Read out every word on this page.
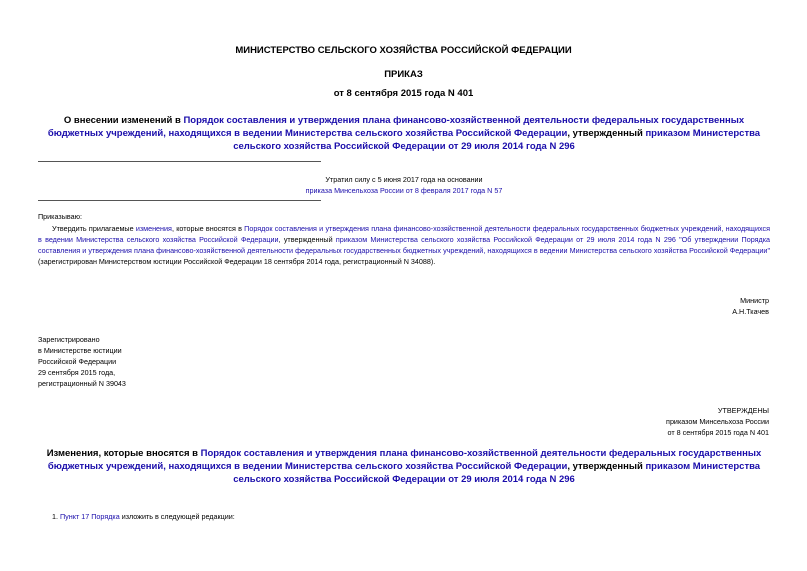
МИНИСТЕРСТВО СЕЛЬСКОГО ХОЗЯЙСТВА РОССИЙСКОЙ ФЕДЕРАЦИИ
ПРИКАЗ
от 8 сентября 2015 года N 401
О внесении изменений в Порядок составления и утверждения плана финансово-хозяйственной деятельности федеральных государственных бюджетных учреждений, находящихся в ведении Министерства сельского хозяйства Российской Федерации, утвержденный приказом Министерства сельского хозяйства Российской Федерации от 29 июля 2014 года N 296
Утратил силу с 5 июня 2017 года на основании
приказа Минсельхоза России от 8 февраля 2017 года N 57
Приказываю:
Утвердить прилагаемые изменения, которые вносятся в Порядок составления и утверждения плана финансово-хозяйственной деятельности федеральных государственных бюджетных учреждений, находящихся в ведении Министерства сельского хозяйства Российской Федерации, утвержденный приказом Министерства сельского хозяйства Российской Федерации от 29 июля 2014 года N 296 "Об утверждении Порядка составления и утверждения плана финансово-хозяйственной деятельности федеральных государственных бюджетных учреждений, находящихся в ведении Министерства сельского хозяйства Российской Федерации" (зарегистрирован Министерством юстиции Российской Федерации 18 сентября 2014 года, регистрационный N 34088).
Министр
А.Н.Ткачев
Зарегистрировано
в Министерстве юстиции
Российской Федерации
29 сентября 2015 года,
регистрационный N 39043
УТВЕРЖДЕНЫ
приказом Минсельхоза России
от 8 сентября 2015 года N 401
Изменения, которые вносятся в Порядок составления и утверждения плана финансово-хозяйственной деятельности федеральных государственных бюджетных учреждений, находящихся в ведении Министерства сельского хозяйства Российской Федерации, утвержденный приказом Министерства сельского хозяйства Российской Федерации от 29 июля 2014 года N 296
1. Пункт 17 Порядка изложить в следующей редакции:
